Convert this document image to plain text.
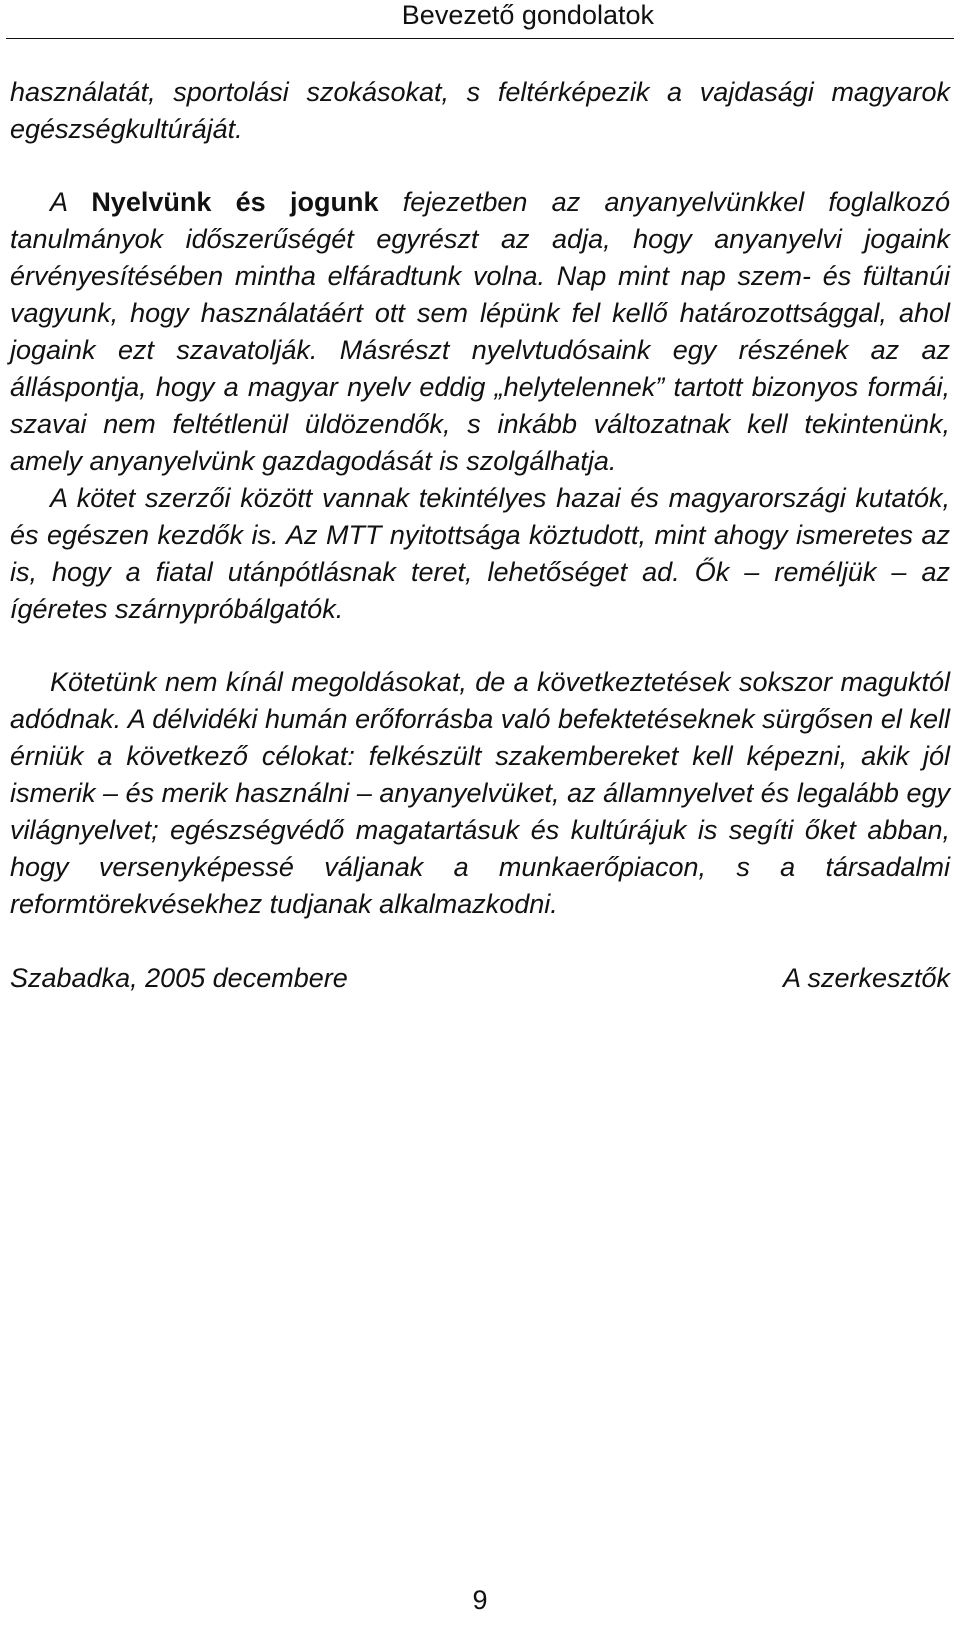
Bevezető gondolatok

használatát, sportolási szokásokat, s feltérképezik a vajdasági magyarok egészségkultúráját.

A Nyelvünk és jogunk fejezetben az anyanyelvünkkel foglalkozó tanulmányok időszerűségét egyrészt az adja, hogy anyanyelvi jogaink érvényesítésében mintha elfáradtunk volna. Nap mint nap szem- és fültanúi vagyunk, hogy használatáért ott sem lépünk fel kellő határozottsággal, ahol jogaink ezt szavatolják. Másrészt nyelvtudósaink egy részének az az álláspontja, hogy a magyar nyelv eddig „helytelennek” tartott bizonyos formái, szavai nem feltétlenül üldözendők, s inkább változatnak kell tekintenünk, amely anyanyelvünk gazdagodását is szolgálhatja.

A kötet szerzői között vannak tekintélyes hazai és magyarországi kutatók, és egészen kezdők is. Az MTT nyitottsága köztudott, mint ahogy ismeretes az is, hogy a fiatal utánpótlásnak teret, lehetőséget ad. Ők – reméljük – az ígéretes szárnypróbálgatók.

Kötetünk nem kínál megoldásokat, de a következtetések sokszor maguktól adódnak. A délvidéki humán erőforrásba való befektetéseknek sürgősen el kell érniük a következő célokat: felkészült szakembereket kell képezni, akik jól ismerik – és merik használni – anyanyelvüket, az államnyelvet és legalább egy világnyelvet; egészségvédő magatartásuk és kultúrájuk is segíti őket abban, hogy versenyképessé váljanak a munkaerőpiacon, s a társadalmi reformtörekvésekhez tudjanak alkalmazkodni.

Szabadka, 2005 decembere	A szerkesztők
9
